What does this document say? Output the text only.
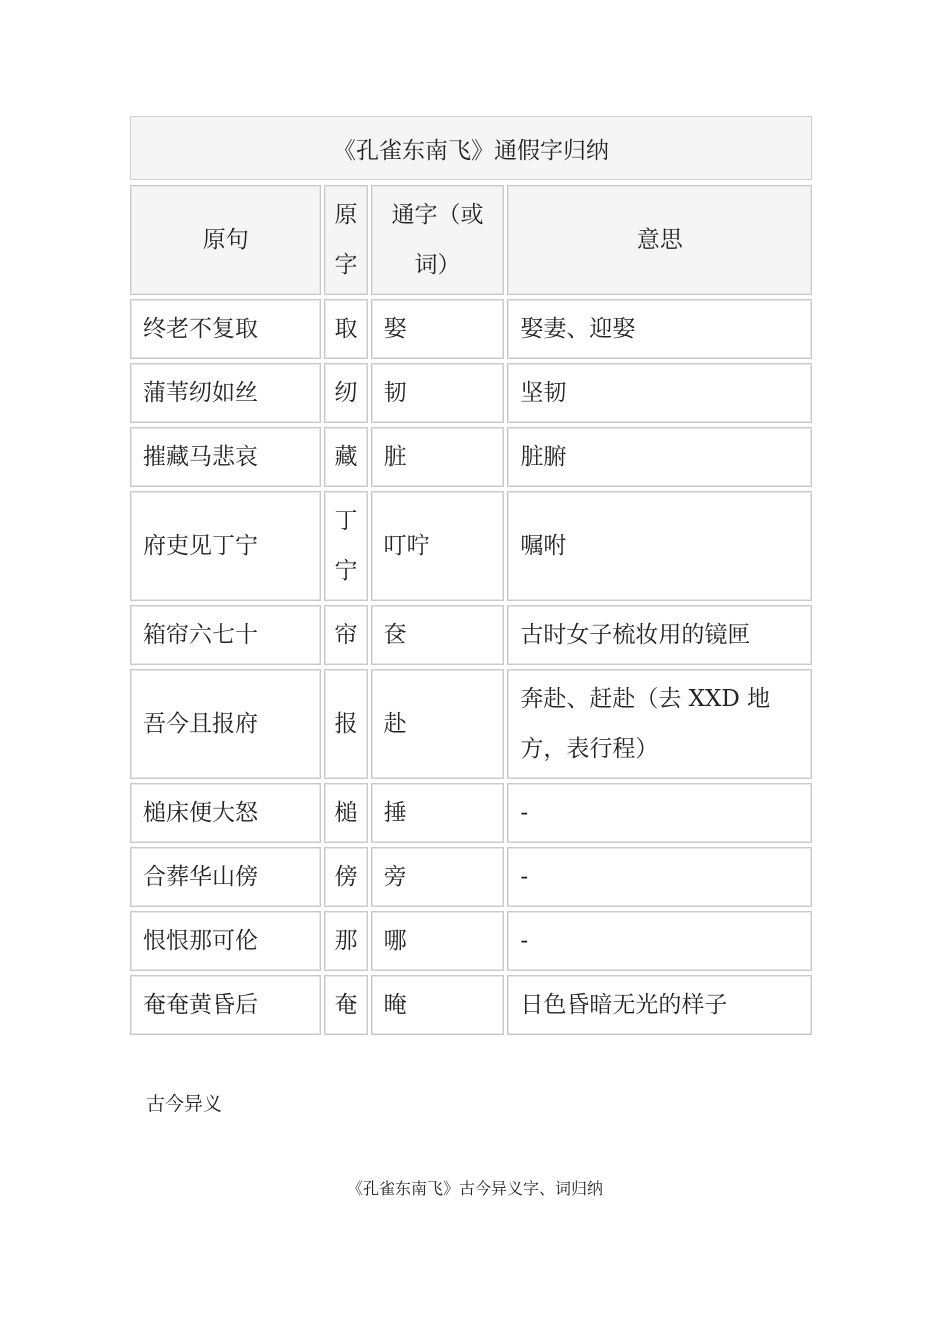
《孔雀东南飞》通假字归纳
原句	原字	通字（或词）	意思
终老不复取	取	娶	娶妻、迎娶
蒲苇纫如丝	纫	韧	坚韧
摧藏马悲哀	藏	脏	脏腑
府吏见丁宁	丁宁	叮咛	嘱咐
箱帘六七十	帘	奁	古时女子梳妆用的镜匣
吾今且报府	报	赴	奔赴、赶赴（去 XXD 地方，表行程）
槌床便大怒	槌	捶	-
合葬华山傍	傍	旁	-
恨恨那可伦	那	哪	-
奄奄黄昏后	奄	晻	日色昏暗无光的样子
古今异义
《孔雀东南飞》古今异义字、词归纳
